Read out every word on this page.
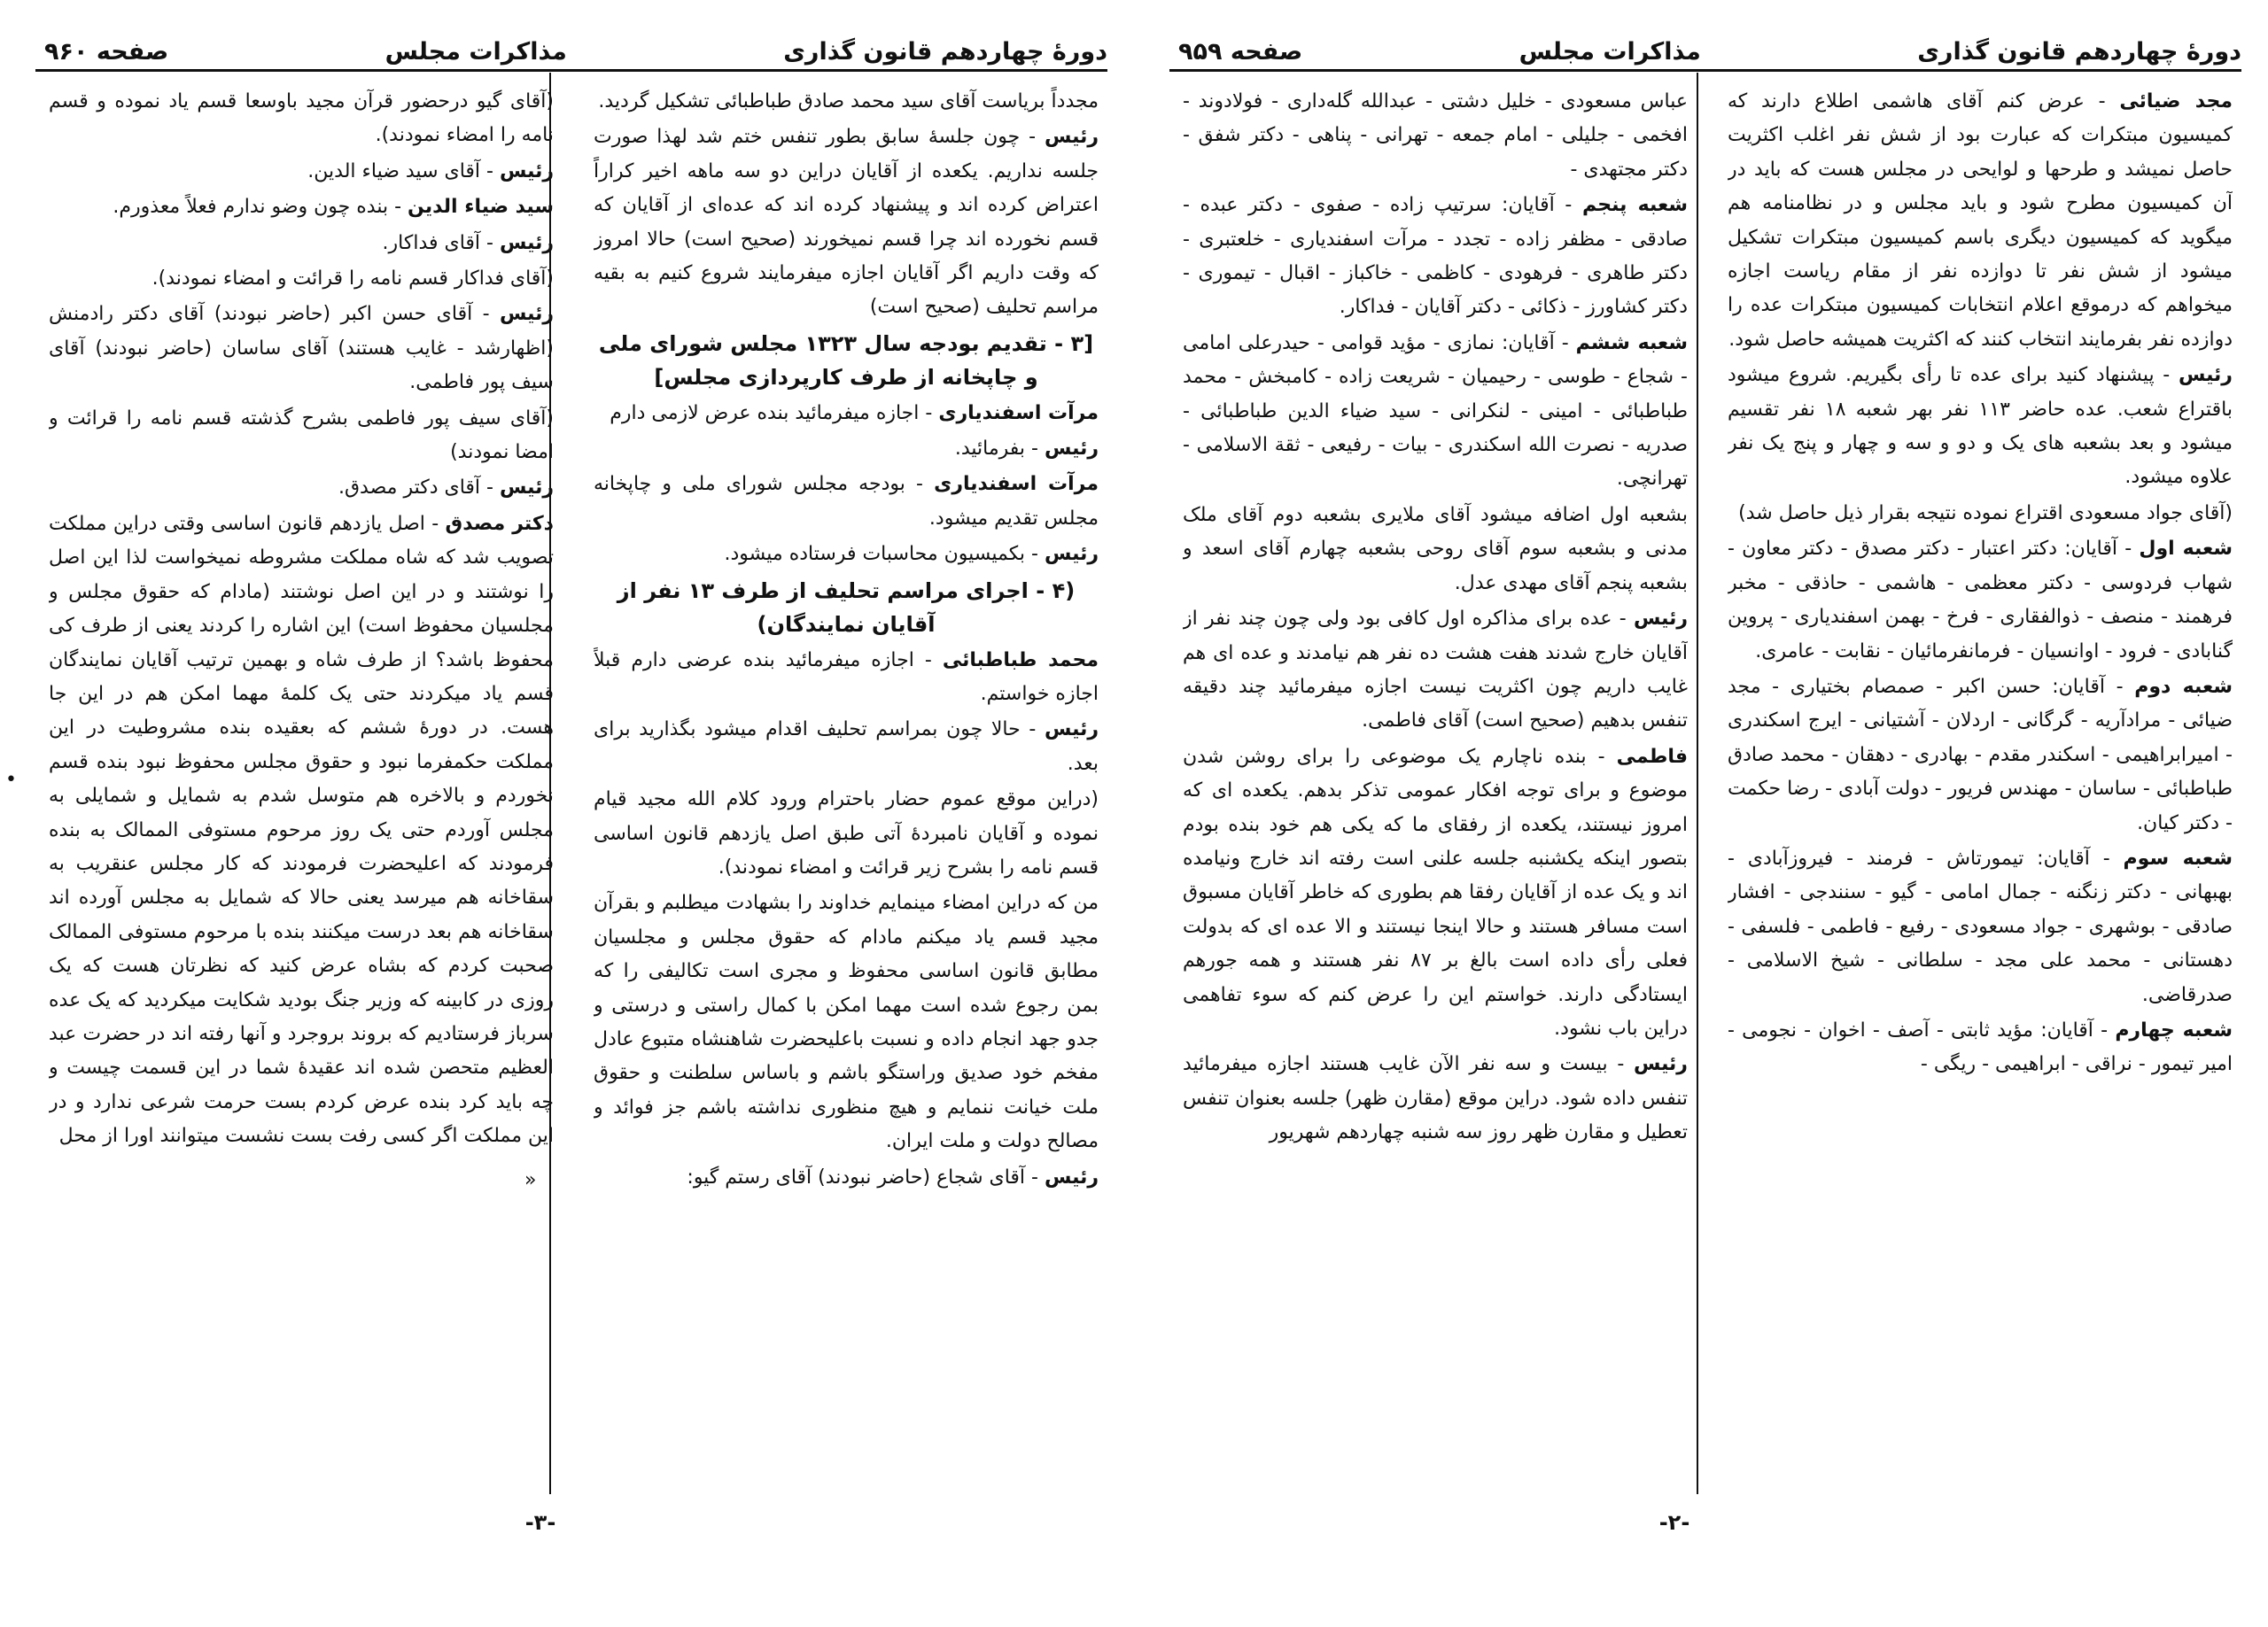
دورهٔ چهاردهم قانون گذاری
مذاکرات مجلس
صفحه ۹۶۰
مجدداً بریاست آقای سید محمد صادق طباطبائی تشکیل گردید.
رئیس - چون جلسهٔ سابق بطور تنفس ختم شد لهذا صورت جلسه نداریم. یکعده از آقایان دراین دو سه ماهه اخیر کراراً اعتراض کرده اند و پیشنهاد کرده اند که عده‌ای از آقایان که قسم نخورده اند چرا قسم نمیخورند (صحیح است) حالا امروز که وقت داریم اگر آقایان اجازه میفرمایند شروع کنیم به بقیه مراسم تحلیف (صحیح است)
[۳ - تقدیم بودجه سال ۱۳۲۳ مجلس شورای ملی و چاپخانه از طرف کارپردازی مجلس]
مرآت اسفندیاری - اجازه میفرمائید بنده عرض لازمی دارم
رئیس - بفرمائید.
مرآت اسفندیاری - بودجه مجلس شورای ملی و چاپخانه مجلس تقدیم میشود.
رئیس - بکمیسیون محاسبات فرستاده میشود.
(۴ - اجرای مراسم تحلیف از طرف ۱۳ نفر از آقایان نمایندگان)
محمد طباطبائی - اجازه میفرمائید بنده عرضی دارم قبلاً اجازه خواستم.
رئیس - حالا چون بمراسم تحلیف اقدام میشود بگذارید برای بعد.
(دراین موقع عموم حضار باحترام ورود کلام الله مجید قیام نموده و آقایان نامبردهٔ آتی طبق اصل یازدهم قانون اساسی قسم نامه را بشرح زیر قرائت و امضاء نمودند).
من که دراین امضاء مینمایم خداوند را بشهادت میطلبم و بقرآن مجید قسم یاد میکنم مادام که حقوق مجلس و مجلسیان مطابق قانون اساسی محفوظ و مجری است تکالیفی را که بمن رجوع شده است مهما امکن با کمال راستی و درستی و جدو جهد انجام داده و نسبت باعلیحضرت شاهنشاه متبوع عادل مفخم خود صدیق وراستگو باشم و باساس سلطنت و حقوق ملت خیانت ننمایم و هیچ منظوری نداشته باشم جز فوائد و مصالح دولت و ملت ایران.
رئیس - آقای شجاع (حاضر نبودند) آقای رستم گیو:
(آقای گیو درحضور قرآن مجید باوسعا قسم یاد نموده و قسم نامه را امضاء نمودند).
رئیس - آقای سید ضیاء الدین.
سید ضیاء الدین - بنده چون وضو ندارم فعلاً معذورم.
رئیس - آقای فداکار.
(آقای فداکار قسم نامه را قرائت و امضاء نمودند).
رئیس - آقای حسن اکبر (حاضر نبودند) آقای دکتر رادمنش (اظهارشد - غایب هستند) آقای ساسان (حاضر نبودند) آقای سیف پور فاطمی.
(آقای سیف پور فاطمی بشرح گذشته قسم نامه را قرائت و امضا نمودند)
رئیس - آقای دکتر مصدق.
دکتر مصدق - اصل یازدهم قانون اساسی وقتی دراین مملکت تصویب شد که شاه مملکت مشروطه نمیخواست لذا این اصل را نوشتند و در این اصل نوشتند (مادام که حقوق مجلس و مجلسیان محفوظ است) این اشاره را کردند یعنی از طرف کی محفوظ باشد؟ از طرف شاه و بهمین ترتیب آقایان نمایندگان قسم یاد میکردند حتی یک کلمهٔ مهما امکن هم در این جا هست. در دورهٔ ششم که بعقیده بنده مشروطیت در این مملکت حکمفرما نبود و حقوق مجلس محفوظ نبود بنده قسم نخوردم و بالاخره هم متوسل شدم به شمایل و شمایلی به مجلس آوردم حتی یک روز مرحوم مستوفی الممالک به بنده فرمودند که اعلیحضرت فرمودند که کار مجلس عنقریب به سقاخانه هم میرسد یعنی حالا که شمایل به مجلس آورده اند سقاخانه هم بعد درست میکنند بنده با مرحوم مستوفی الممالک صحبت کردم که بشاه عرض کنید که نظرتان هست که یک روزی در کابینه که وزیر جنگ بودید شکایت میکردید که یک عده سرباز فرستادیم که بروند بروجرد و آنها رفته اند در حضرت عبد العظیم متحصن شده اند عقیدهٔ شما در این قسمت چیست و چه باید کرد بنده عرض کردم بست حرمت شرعی ندارد و در این مملکت اگر کسی رفت بست نشست میتوانند اورا از محل
•
»
-۳-
دورهٔ چهاردهم قانون گذاری
مذاکرات مجلس
صفحه ۹۵۹
مجد ضیائی - عرض کنم آقای هاشمی اطلاع دارند که کمیسیون مبتکرات که عبارت بود از شش نفر اغلب اکثریت حاصل نمیشد و طرحها و لوایحی در مجلس هست که باید در آن کمیسیون مطرح شود و باید مجلس و در نظامنامه هم میگوید که کمیسیون دیگری باسم کمیسیون مبتکرات تشکیل میشود از شش نفر تا دوازده نفر از مقام ریاست اجازه میخواهم که درموقع اعلام انتخابات کمیسیون مبتکرات عده را دوازده نفر بفرمایند انتخاب کنند که اکثریت همیشه حاصل شود.
رئیس - پیشنهاد کنید برای عده تا رأی بگیریم. شروع میشود باقتراع شعب. عده حاضر ۱۱۳ نفر بهر شعبه ۱۸ نفر تقسیم میشود و بعد بشعبه های یک و دو و سه و چهار و پنج یک نفر علاوه میشود.
(آقای جواد مسعودی اقتراع نموده نتیجه بقرار ذیل حاصل شد)
شعبه اول - آقایان: دکتر اعتبار - دکتر مصدق - دکتر معاون - شهاب فردوسی - دکتر معظمی - هاشمی - حاذقی - مخبر فرهمند - منصف - ذوالفقاری - فرخ - بهمن اسفندیاری - پروین گنابادی - فرود - اوانسیان - فرمانفرمائیان - نقابت - عامری.
شعبه دوم - آقایان: حسن اکبر - صمصام بختیاری - مجد ضیائی - مرادآریه - گرگانی - اردلان - آشتیانی - ایرج اسکندری - امیرابراهیمی - اسکندر مقدم - بهادری - دهقان - محمد صادق طباطبائی - ساسان - مهندس فریور - دولت آبادی - رضا حکمت - دکتر کیان.
شعبه سوم - آقایان: تیمورتاش - فرمند - فیروزآبادی - بهبهانی - دکتر زنگنه - جمال امامی - گیو - سنندجی - افشار صادقی - بوشهری - جواد مسعودی - رفیع - فاطمی - فلسفی - دهستانی - محمد علی مجد - سلطانی - شیخ الاسلامی - صدرقاضی.
شعبه چهارم - آقایان: مؤید ثابتی - آصف - اخوان - نجومی - امیر تیمور - نراقی - ابراهیمی - ریگی -
عباس مسعودی - خلیل دشتی - عبدالله گله‌داری - فولادوند - افخمی - جلیلی - امام جمعه - تهرانی - پناهی - دکتر شفق - دکتر مجتهدی -
شعبه پنجم - آقایان: سرتیپ زاده - صفوی - دکتر عبده - صادقی - مظفر زاده - تجدد - مرآت اسفندیاری - خلعتبری - دکتر طاهری - فرهودی - کاظمی - خاکباز - اقبال - تیموری - دکتر کشاورز - ذکائی - دکتر آقایان - فداکار.
شعبه ششم - آقایان: نمازی - مؤید قوامی - حیدرعلی امامی - شجاع - طوسی - رحیمیان - شریعت زاده - کامبخش - محمد طباطبائی - امینی - لنکرانی - سید ضیاء الدین طباطبائی - صدریه - نصرت الله اسکندری - بیات - رفیعی - ثقة الاسلامی - تهرانچی.
بشعبه اول اضافه میشود آقای ملایری بشعبه دوم آقای ملک مدنی و بشعبه سوم آقای روحی بشعبه چهارم آقای اسعد و بشعبه پنجم آقای مهدی عدل.
رئیس - عده برای مذاکره اول کافی بود ولی چون چند نفر از آقایان خارج شدند هفت هشت ده نفر هم نیامدند و عده ای هم غایب داریم چون اکثریت نیست اجازه میفرمائید چند دقیقه تنفس بدهیم (صحیح است) آقای فاطمی.
فاطمی - بنده ناچارم یک موضوعی را برای روشن شدن موضوع و برای توجه افکار عمومی تذکر بدهم. یکعده ای که امروز نیستند، یکعده از رفقای ما که یکی هم خود بنده بودم بتصور اینکه یکشنبه جلسه علنی است رفته اند خارج ونیامده اند و یک عده از آقایان رفقا هم بطوری که خاطر آقایان مسبوق است مسافر هستند و حالا اینجا نیستند و الا عده ای که بدولت فعلی رأی داده است بالغ بر ۸۷ نفر هستند و همه جورهم ایستادگی دارند. خواستم این را عرض کنم که سوء تفاهمی دراین باب نشود.
رئیس - بیست و سه نفر الآن غایب هستند اجازه میفرمائید تنفس داده شود. دراین موقع (مقارن ظهر) جلسه بعنوان تنفس تعطیل و مقارن ظهر روز سه شنبه چهاردهم شهریور
-۲-
